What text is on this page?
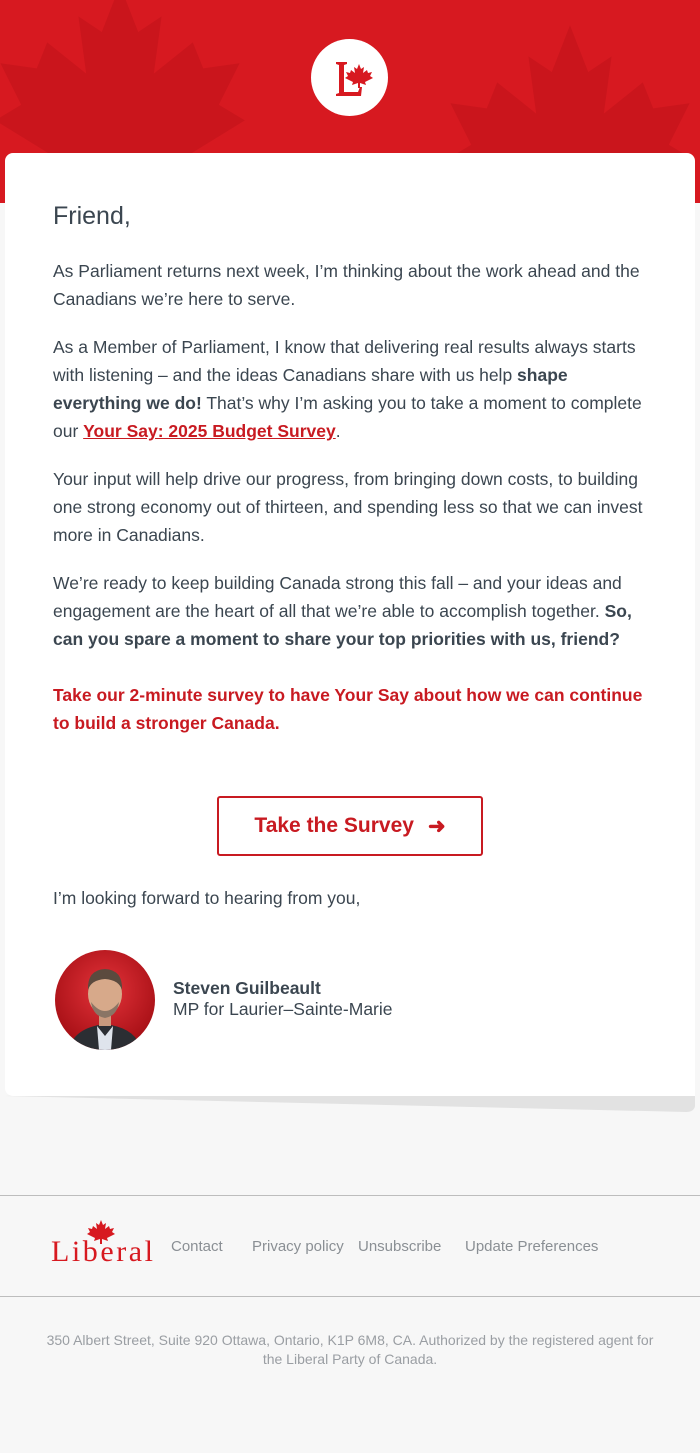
Friend,

As Parliament returns next week, I’m thinking about the work ahead and the Canadians we’re here to serve.

As a Member of Parliament, I know that delivering real results always starts with listening – and the ideas Canadians share with us help shape everything we do! That’s why I’m asking you to take a moment to complete our Your Say: 2025 Budget Survey.

Your input will help drive our progress, from bringing down costs, to building one strong economy out of thirteen, and spending less so that we can invest more in Canadians.

We’re ready to keep building Canada strong this fall – and your ideas and engagement are the heart of all that we’re able to accomplish together. So, can you spare a moment to share your top priorities with us, friend?

Take our 2-minute survey to have Your Say about how we can continue to build a stronger Canada.

Take the Survey ➜
I’m looking forward to hearing from you,
Steven Guilbeault
MP for Laurier–Sainte-Marie
Liberal Contact Privacy policy Unsubscribe Update Preferences
350 Albert Street, Suite 920 Ottawa, Ontario, K1P 6M8, CA. Authorized by the registered agent for the Liberal Party of Canada.
